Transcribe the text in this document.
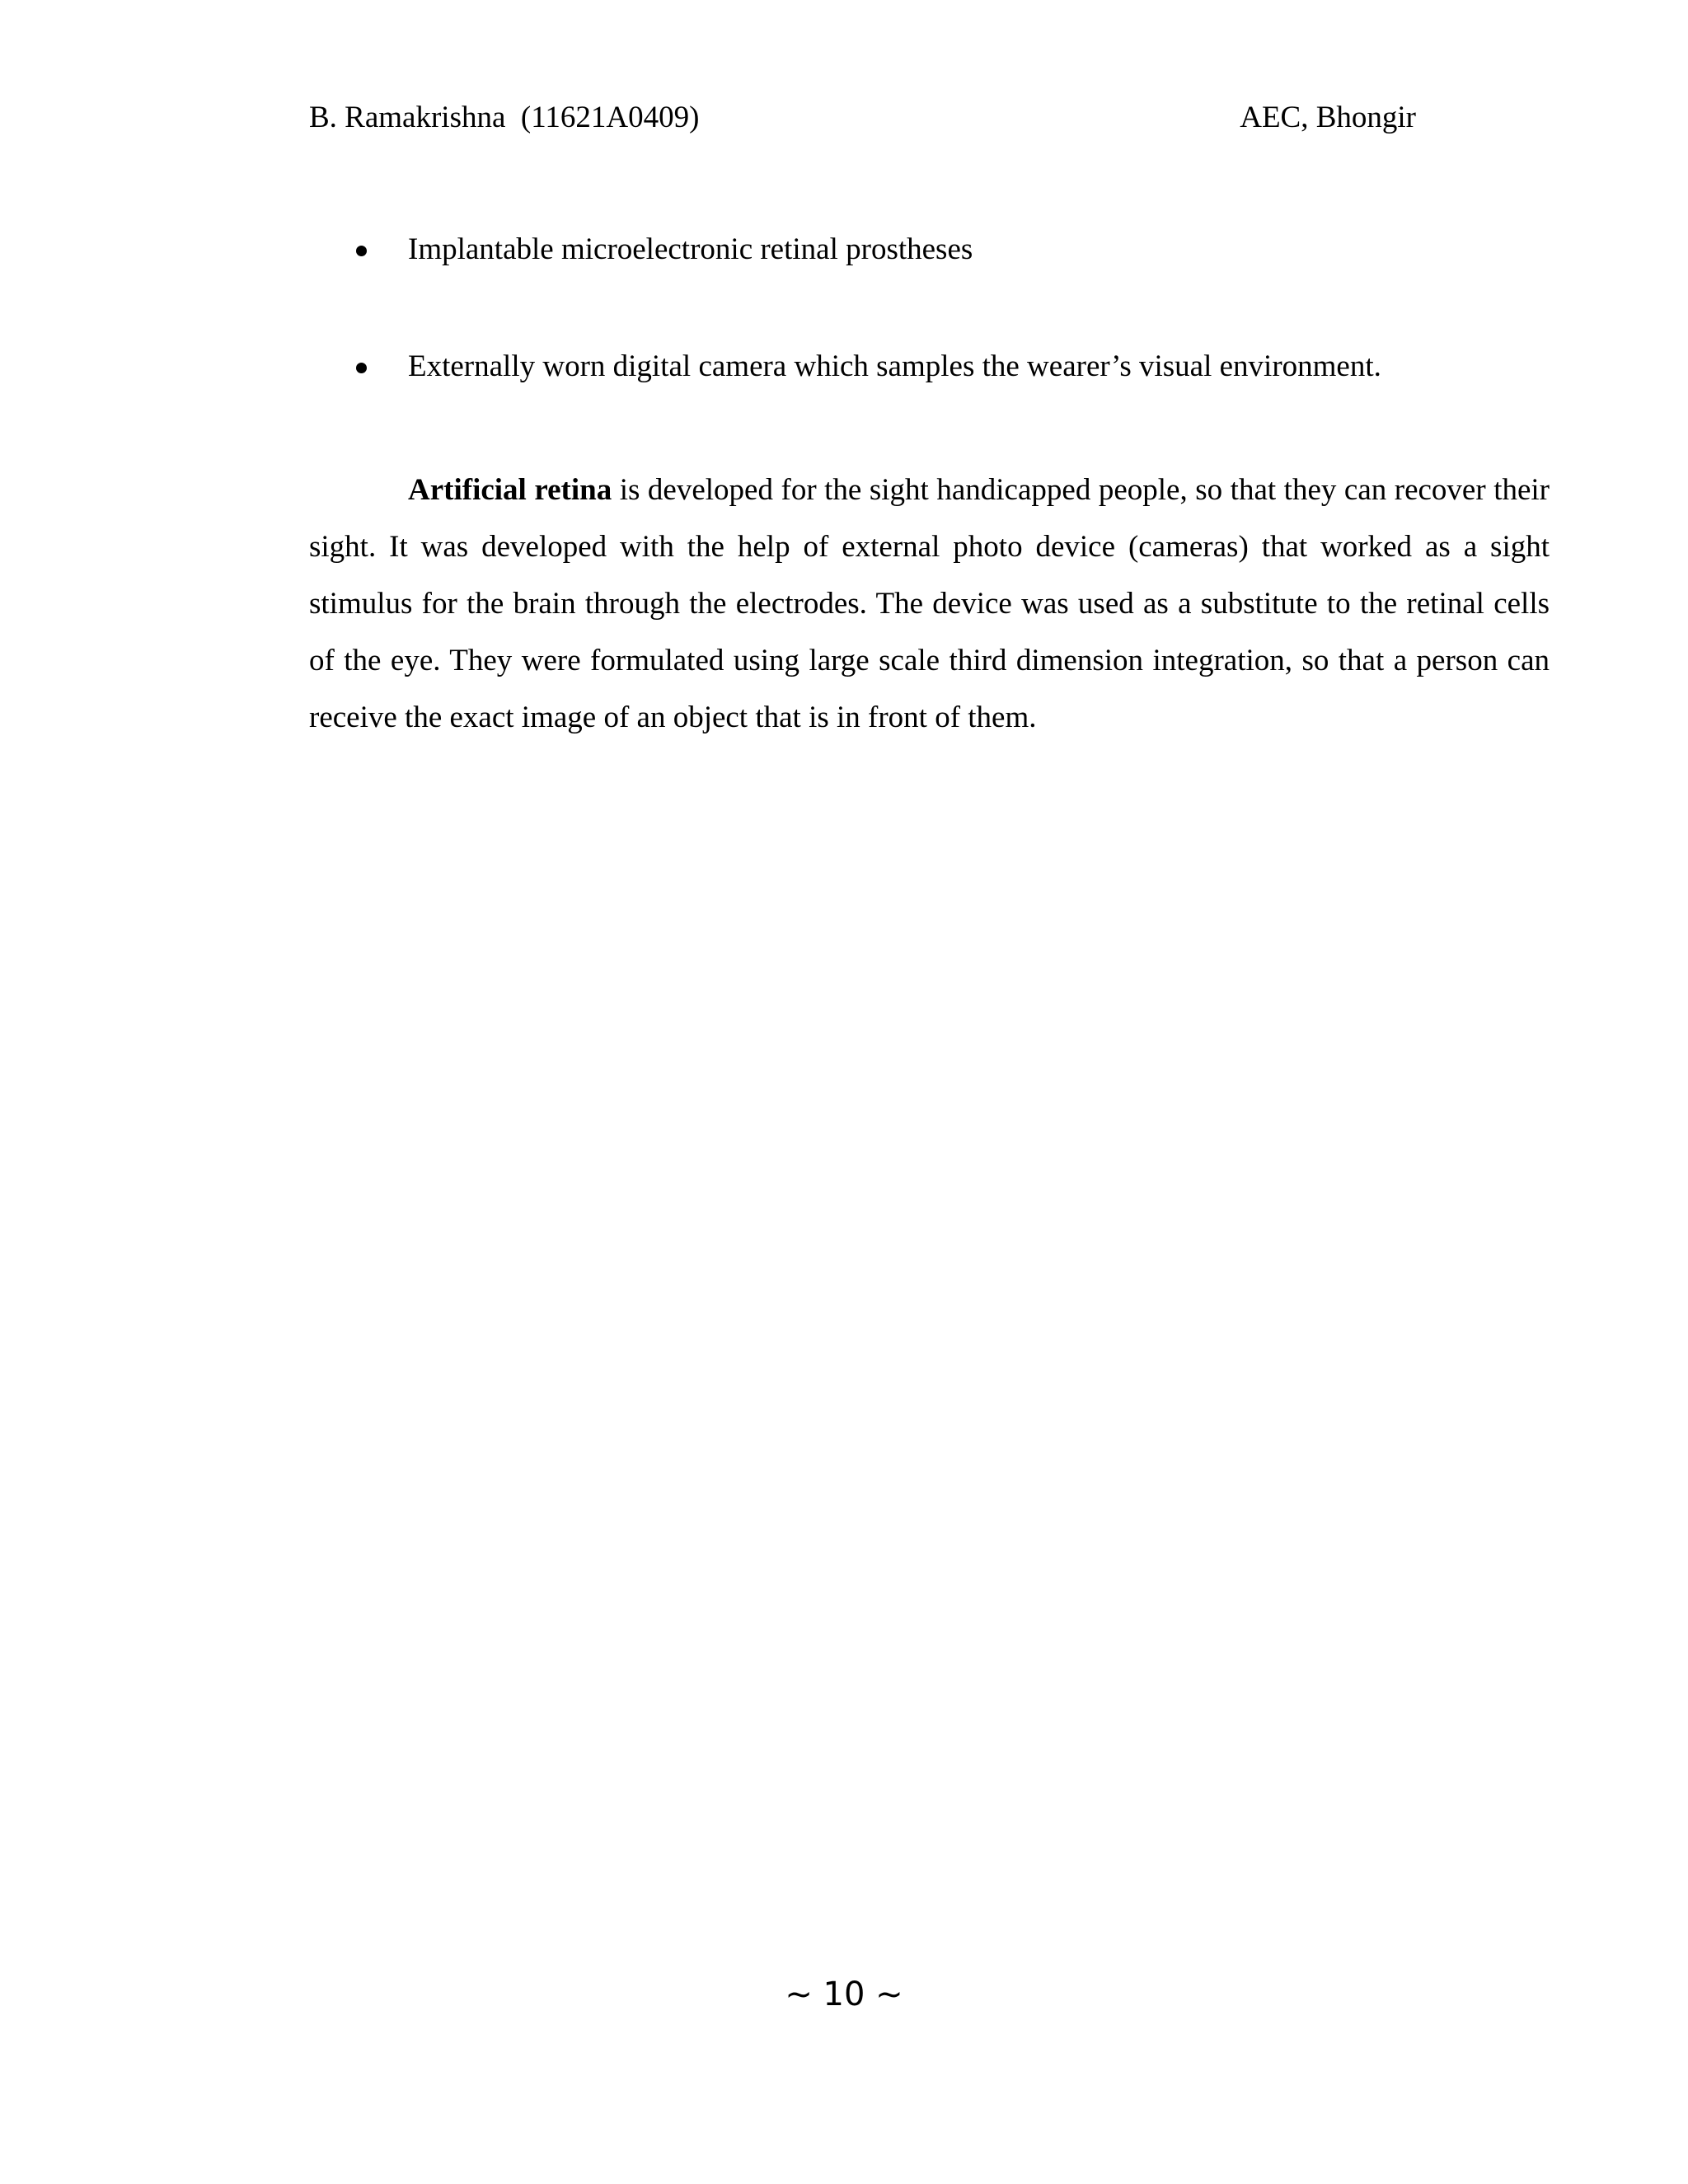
B. Ramakrishna  (11621A0409)	AEC, Bhongir
Implantable microelectronic retinal prostheses
Externally worn digital camera which samples the wearer’s visual environment.

Artificial retina is developed for the sight handicapped people, so that they can recover their sight. It was developed with the help of external photo device (cameras) that worked as a sight stimulus for the brain through the electrodes. The device was used as a substitute to the retinal cells of the eye. They were formulated using large scale third dimension integration, so that a person can receive the exact image of an object that is in front of them.

~ 10 ~
